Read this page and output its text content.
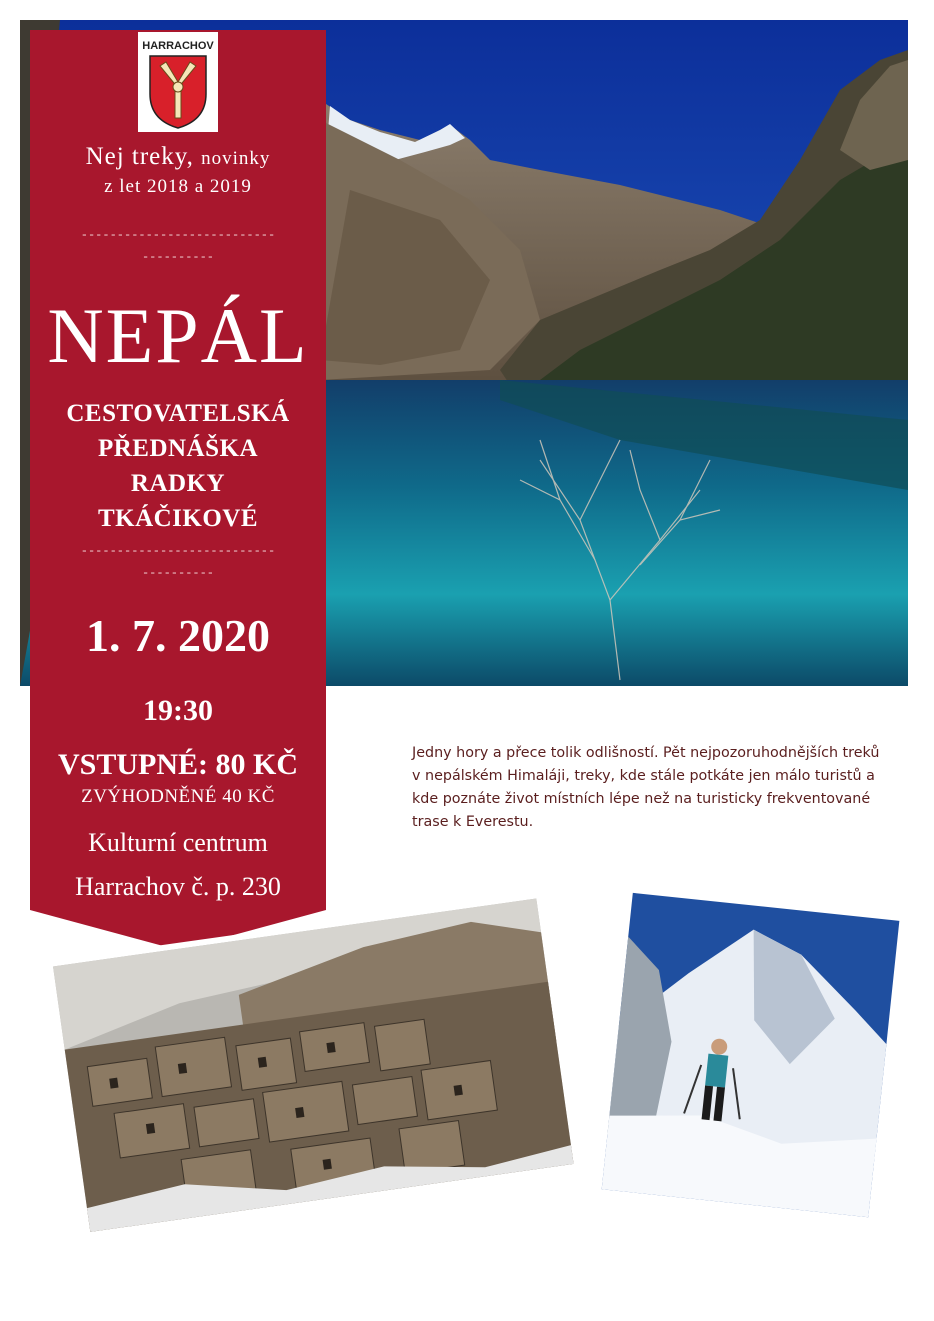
HARRACHOV
Nej treky, novinky
z let 2018 a 2019
---------------------------
----------
NEPÁL
CESTOVATELSKÁ
PŘEDNÁŠKA
RADKY
TKÁČIKOVÉ
---------------------------
----------
1. 7. 2020
19:30
VSTUPNÉ: 80 KČ
ZVÝHODNĚNÉ 40 KČ
Kulturní centrum
Harrachov č. p. 230
Jedny hory a přece tolik odlišností. Pět nejpozoruhodnějších treků v nepálském Himaláji, treky, kde stále potkáte jen málo turistů a kde poznáte život místních lépe než na turisticky frekventované trase k Everestu.
